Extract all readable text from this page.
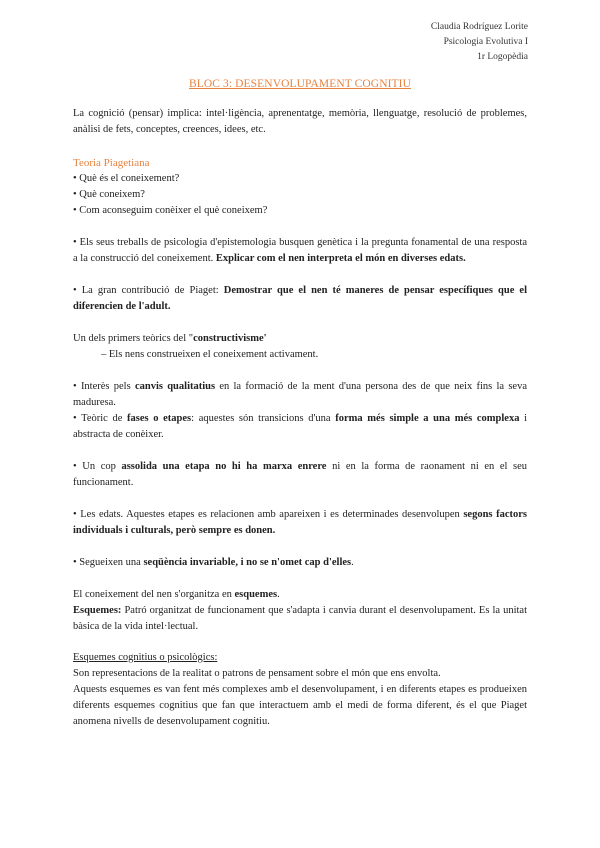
Claudia Rodríguez Lorite
Psicologia Evolutiva I
1r Logopèdia
BLOC 3: DESENVOLUPAMENT COGNITIU

La cognició (pensar) implica: intel·ligència, aprenentatge, memòria, llenguatge, resolució de problemes, anàlisi de fets, conceptes, creences, idees, etc.

Teoria Piagetiana

• Què és el coneixement?

• Què coneixem?

• Com aconseguim conèixer el què coneixem?

• Els seus treballs de psicologia d'epistemologia busquen genètica i la pregunta fonamental de una resposta a la construcció del coneixement. Explicar com el nen interpreta el món en diverses edats.

• La gran contribució de Piaget: Demostrar que el nen té maneres de pensar específiques que el diferencien de l'adult.

Un dels primers teòrics del "constructivisme'

– Els nens construeixen el coneixement activament.

• Interès pels canvis qualitatius en la formació de la ment d'una persona des de que neix fins la seva maduresa.

• Teòric de fases o etapes: aquestes són transicions d'una forma més simple a una més complexa i abstracta de conèixer.

• Un cop assolida una etapa no hi ha marxa enrere ni en la forma de raonament ni en el seu funcionament.

• Les edats. Aquestes etapes es relacionen amb apareixen i es determinades desenvolupen segons factors individuals i culturals, però sempre es donen.

• Segueixen una seqüència invariable, i no se n'omet cap d'elles.

El coneixement del nen s'organitza en esquemes.

Esquemes: Patró organitzat de funcionament que s'adapta i canvia durant el desenvolupament. Es la unitat bàsica de la vida intel·lectual.

Esquemes cognitius o psicològics:

Son representacions de la realitat o patrons de pensament sobre el món que ens envolta.

Aquests esquemes es van fent més complexes amb el desenvolupament, i en diferents etapes es produeixen diferents esquemes cognitius que fan que interactuem amb el medi de forma diferent, és el que Piaget anomena nivells de desenvolupament cognitiu.
